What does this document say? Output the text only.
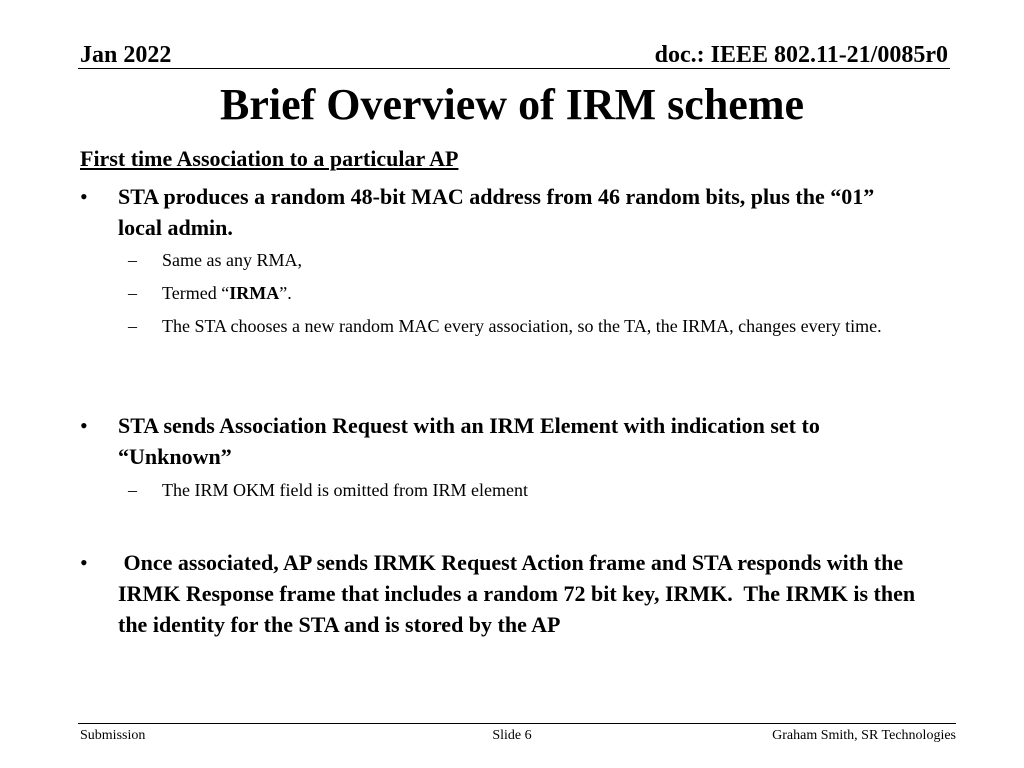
Jan 2022	doc.: IEEE 802.11-21/0085r0
Brief Overview of IRM scheme
First time Association to a particular AP
•	STA produces a random 48-bit MAC address from 46 random bits, plus the “01” local admin.
– Same as any RMA,
– Termed “IRMA”.
– The STA chooses a new random MAC every association, so the TA, the IRMA, changes every time.
•	STA sends Association Request with an IRM Element with indication set to “Unknown”
– The IRM OKM field is omitted from IRM element
•	Once associated, AP sends IRMK Request Action frame and STA responds with the IRMK Response frame that includes a random 72 bit key, IRMK.  The IRMK is then the identity for the STA and is stored by the AP
Submission	Slide 6	Graham Smith, SR Technologies
